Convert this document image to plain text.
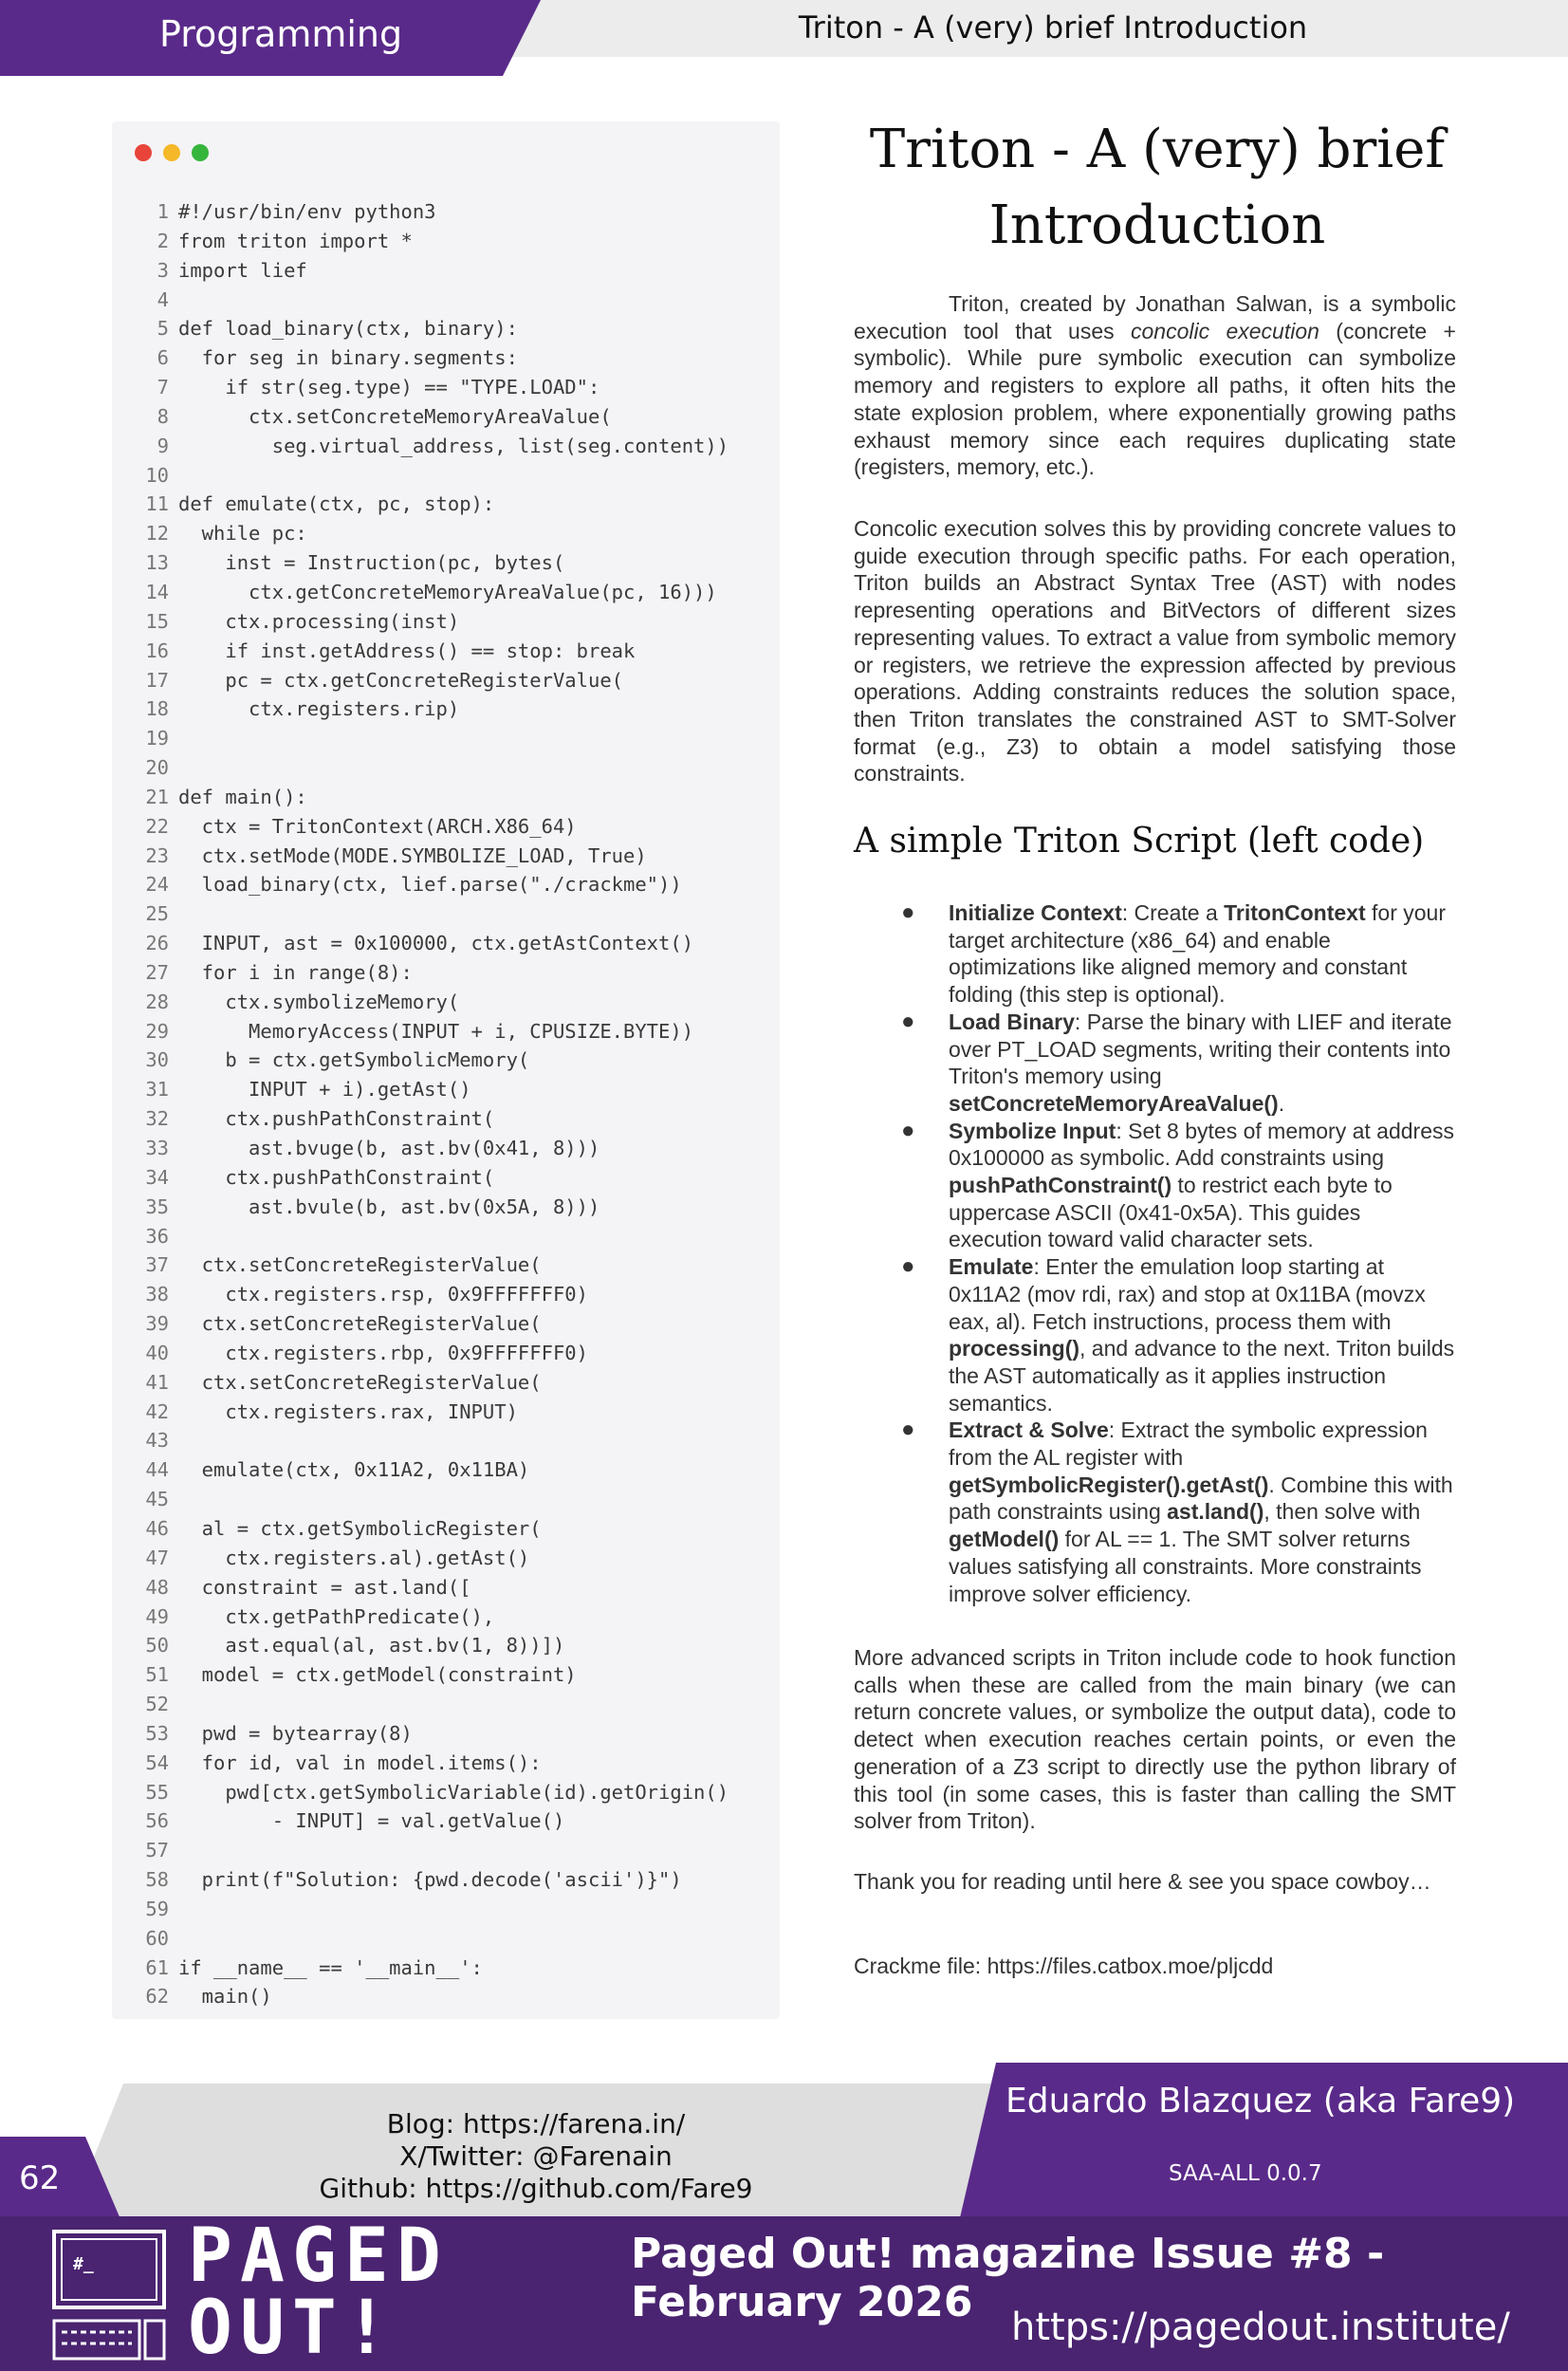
Programming	Triton - A (very) brief Introduction
1 #!/usr/bin/env python3
2 from triton import *
3 import lief
4
5 def load_binary(ctx, binary):
6  for seg in binary.segments:
7    if str(seg.type) == "TYPE.LOAD":
8      ctx.setConcreteMemoryAreaValue(
9        seg.virtual_address, list(seg.content))
10
11 def emulate(ctx, pc, stop):
12  while pc:
13    inst = Instruction(pc, bytes(
14      ctx.getConcreteMemoryAreaValue(pc, 16)))
15    ctx.processing(inst)
16    if inst.getAddress() == stop: break
17    pc = ctx.getConcreteRegisterValue(
18      ctx.registers.rip)
19
20
21 def main():
22  ctx = TritonContext(ARCH.X86_64)
23  ctx.setMode(MODE.SYMBOLIZE_LOAD, True)
24  load_binary(ctx, lief.parse("./crackme"))
25
26  INPUT, ast = 0x100000, ctx.getAstContext()
27  for i in range(8):
28    ctx.symbolizeMemory(
29      MemoryAccess(INPUT + i, CPUSIZE.BYTE))
30    b = ctx.getSymbolicMemory(
31      INPUT + i).getAst()
32    ctx.pushPathConstraint(
33      ast.bvuge(b, ast.bv(0x41, 8)))
34    ctx.pushPathConstraint(
35      ast.bvule(b, ast.bv(0x5A, 8)))
36
37  ctx.setConcreteRegisterValue(
38    ctx.registers.rsp, 0x9FFFFFFF0)
39  ctx.setConcreteRegisterValue(
40    ctx.registers.rbp, 0x9FFFFFFF0)
41  ctx.setConcreteRegisterValue(
42    ctx.registers.rax, INPUT)
43
44  emulate(ctx, 0x11A2, 0x11BA)
45
46  al = ctx.getSymbolicRegister(
47    ctx.registers.al).getAst()
48  constraint = ast.land([
49    ctx.getPathPredicate(),
50    ast.equal(al, ast.bv(1, 8))])
51  model = ctx.getModel(constraint)
52
53  pwd = bytearray(8)
54  for id, val in model.items():
55    pwd[ctx.getSymbolicVariable(id).getOrigin()
56        - INPUT] = val.getValue()
57
58  print(f"Solution: {pwd.decode('ascii')}")
59
60
61 if __name__ == '__main__':
62  main()
Triton - A (very) brief Introduction
Triton, created by Jonathan Salwan, is a symbolic execution tool that uses concolic execution (concrete + symbolic). While pure symbolic execution can symbolize memory and registers to explore all paths, it often hits the state explosion problem, where exponentially growing paths exhaust memory since each requires duplicating state (registers, memory, etc.).
Concolic execution solves this by providing concrete values to guide execution through specific paths. For each operation, Triton builds an Abstract Syntax Tree (AST) with nodes representing operations and BitVectors of different sizes representing values. To extract a value from symbolic memory or registers, we retrieve the expression affected by previous operations. Adding constraints reduces the solution space, then Triton translates the constrained AST to SMT-Solver format (e.g., Z3) to obtain a model satisfying those constraints.
A simple Triton Script (left code)
● Initialize Context: Create a TritonContext for your target architecture (x86_64) and enable optimizations like aligned memory and constant folding (this step is optional).
● Load Binary: Parse the binary with LIEF and iterate over PT_LOAD segments, writing their contents into Triton's memory using setConcreteMemoryAreaValue().
● Symbolize Input: Set 8 bytes of memory at address 0x100000 as symbolic. Add constraints using pushPathConstraint() to restrict each byte to uppercase ASCII (0x41-0x5A). This guides execution toward valid character sets.
● Emulate: Enter the emulation loop starting at 0x11A2 (mov rdi, rax) and stop at 0x11BA (movzx eax, al). Fetch instructions, process them with processing(), and advance to the next. Triton builds the AST automatically as it applies instruction semantics.
● Extract & Solve: Extract the symbolic expression from the AL register with getSymbolicRegister().getAst(). Combine this with path constraints using ast.land(), then solve with getModel() for AL == 1. The SMT solver returns values satisfying all constraints. More constraints improve solver efficiency.
More advanced scripts in Triton include code to hook function calls when these are called from the main binary (we can return concrete values, or symbolize the output data), code to detect when execution reaches certain points, or even the generation of a Z3 script to directly use the python library of this tool (in some cases, this is faster than calling the SMT solver from Triton).
Thank you for reading until here & see you space cowboy…
Crackme file: https://files.catbox.moe/pljcdd
62
Blog: https://farena.in/
X/Twitter: @Farenain
Github: https://github.com/Fare9
Eduardo Blazquez (aka Fare9)
SAA-ALL 0.0.7
#_ PAGED
OUT!
Paged Out! magazine Issue #8 - February 2026
https://pagedout.institute/
